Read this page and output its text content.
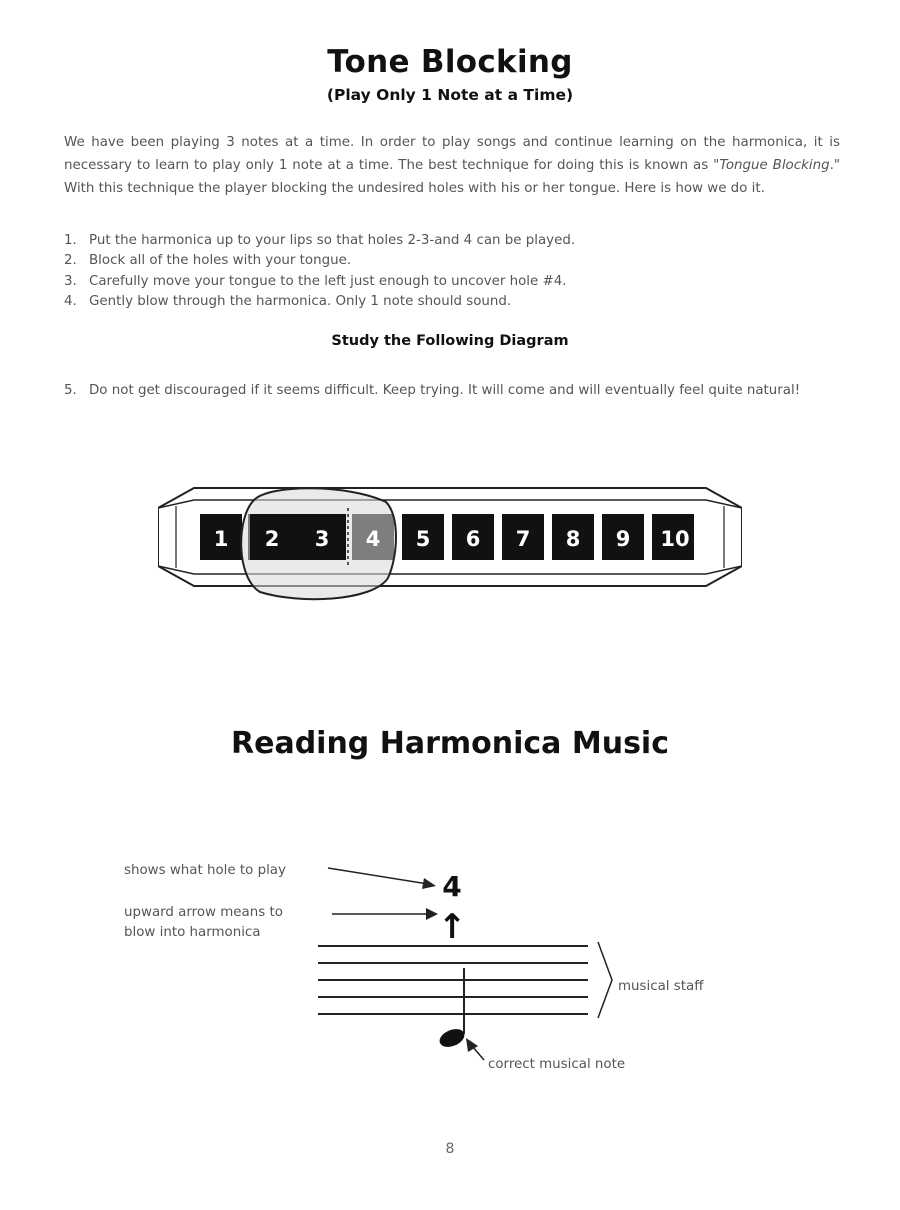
Tone Blocking
(Play Only 1 Note at a Time)

We have been playing 3 notes at a time. In order to play songs and continue learning on the harmonica, it is necessary to learn to play only 1 note at a time. The best technique for doing this is known as "Tongue Blocking." With this technique the player blocking the undesired holes with his or her tongue. Here is how we do it.

1. Put the harmonica up to your lips so that holes 2-3-and 4 can be played.
2. Block all of the holes with your tongue.
3. Carefully move your tongue to the left just enough to uncover hole #4.
4. Gently blow through the harmonica. Only 1 note should sound.
Study the Following Diagram
5. Do not get discouraged if it seems difficult. Keep trying. It will come and will eventually feel quite natural!
1 2 3 4 5 6 7 8 9 10
Reading Harmonica Music
shows what hole to play
upward arrow means to
blow into harmonica
musical staff
correct musical note
4
↑
8
